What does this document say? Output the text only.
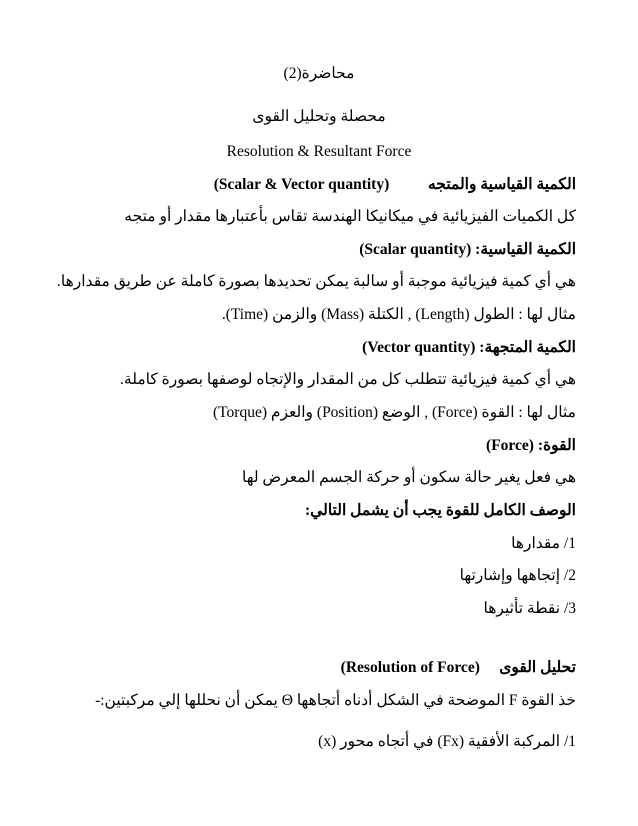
محاضرة(2)
محصلة وتحليل القوى
Resolution & Resultant Force
الكمية القياسية والمتجه          (Scalar & Vector quantity)
كل الكميات الفيزيائية في ميكانيكا الهندسة تقاس بأعتبارها مقدار أو متجه
الكمية القياسية: (Scalar quantity)
هي أي كمية فيزيائية موجبة أو سالبة يمكن تحديدها بصورة كاملة عن طريق مقدارها.
مثال لها : الطول (Length) , الكتلة (Mass) والزمن (Time).
الكمية المتجهة: (Vector quantity)
هي أي كمية فيزيائية تتطلب كل من المقدار والإتجاه لوصفها بصورة كاملة.
مثال لها : القوة (Force) , الوضع (Position) والعزم (Torque)
القوة: (Force)
هي فعل يغير حالة سكون أو حركة الجسم المعرض لها
الوصف الكامل للقوة يجب أن يشمل التالي:
1/ مقدارها
2/ إتجاهها وإشارتها
3/ نقطة تأثيرها
تحليل القوى     (Resolution of Force)
خذ القوة F الموضحة في الشكل أدناه أتجاهها Θ يمكن أن نحللها إلي مركبتين:-
1/ المركبة الأفقية (Fx) في أتجاه محور (x)
